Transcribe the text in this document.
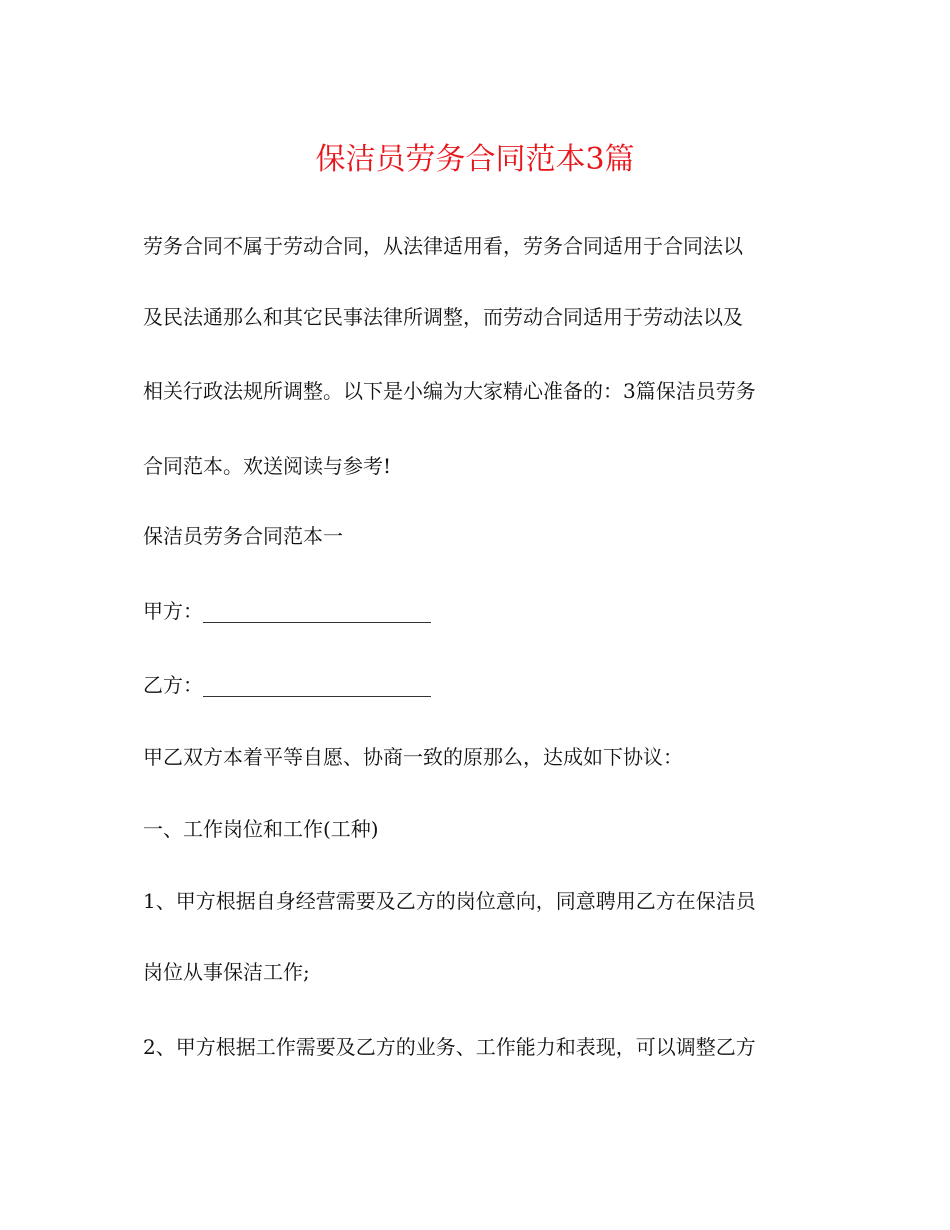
保洁员劳务合同范本3篇
劳务合同不属于劳动合同，从法律适用看，劳务合同适用于合同法以
及民法通那么和其它民事法律所调整，而劳动合同适用于劳动法以及
相关行政法规所调整。以下是小编为大家精心准备的：3篇保洁员劳务
合同范本。欢送阅读与参考!
保洁员劳务合同范本一
甲方：
乙方：
甲乙双方本着平等自愿、协商一致的原那么，达成如下协议：
一、工作岗位和工作(工种)
1、甲方根据自身经营需要及乙方的岗位意向，同意聘用乙方在保洁员
岗位从事保洁工作;
2、甲方根据工作需要及乙方的业务、工作能力和表现，可以调整乙方
